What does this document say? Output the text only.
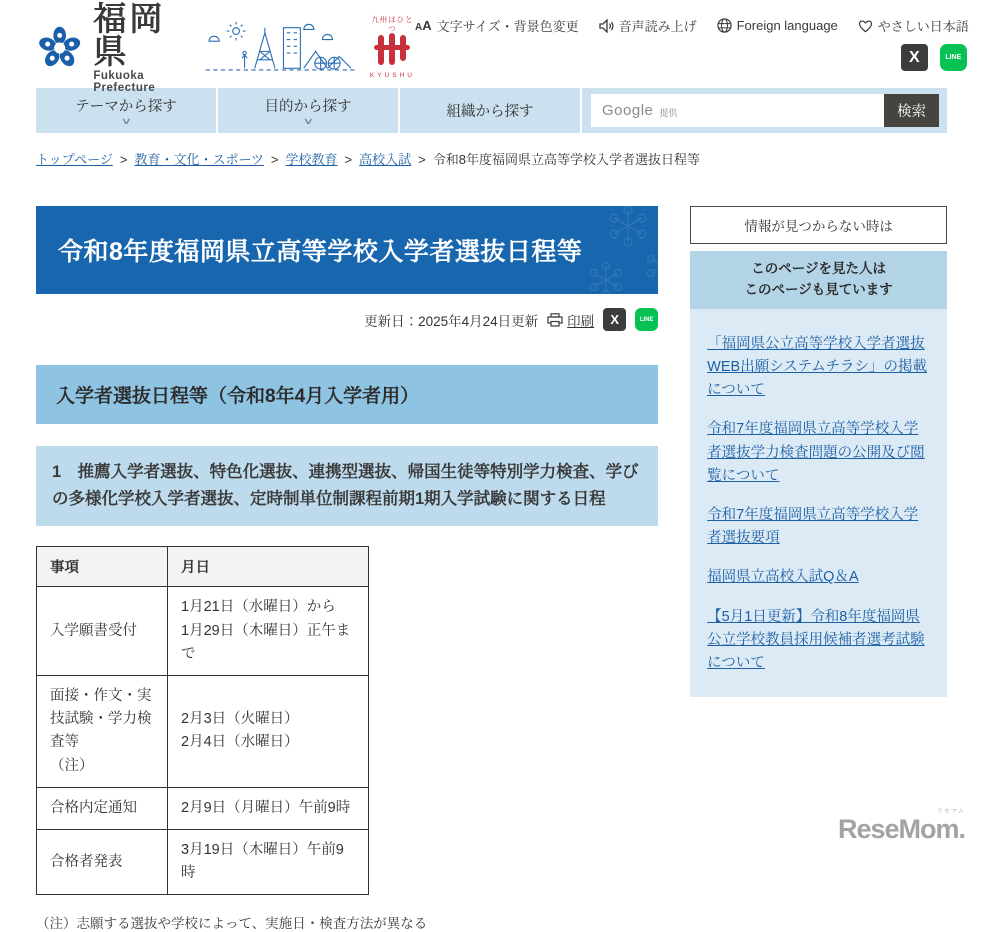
福岡県
Fukuoka Prefecture
九州はひとつ
KYUSHU
AA 文字サイズ・背景色変更	音声読み上げ	Foreign language	やさしい日本語
X	LINE
テーマから探す
∨
目的から探す
∨
組織から探す	Google 提供	検索
トップページ > 教育・文化・スポーツ > 学校教育 > 高校入試 > 令和8年度福岡県立高等学校入学者選抜日程等
令和8年度福岡県立高等学校入学者選抜日程等
更新日：2025年4月24日更新 印刷	X	LINE
入学者選抜日程等（令和8年4月入学者用）
1　推薦入学者選抜、特色化選抜、連携型選抜、帰国生徒等特別学力検査、学びの多様化学校入学者選抜、定時制単位制課程前期1期入学試験に関する日程
事項	月日
入学願書受付	1月21日（水曜日）から
1月29日（木曜日）正午まで
面接・作文・実技試験・学力検査等
（注）	2月3日（火曜日）
2月4日（水曜日）
合格内定通知	2月9日（月曜日）午前9時
合格者発表	3月19日（木曜日）午前9時
（注）志願する選抜や学校によって、実施日・検査方法が異なる
情報が見つからない時は
このページを見た人は
このページも見ています
「福岡県公立高等学校入学者選抜WEB出願システムチラシ」の掲載について
令和7年度福岡県立高等学校入学者選抜学力検査問題の公開及び閲覧について
令和7年度福岡県立高等学校入学者選抜要項
福岡県立高校入試Q＆A
【5月1日更新】令和8年度福岡県公立学校教員採用候補者選考試験について
リセマム
ReseMom.
